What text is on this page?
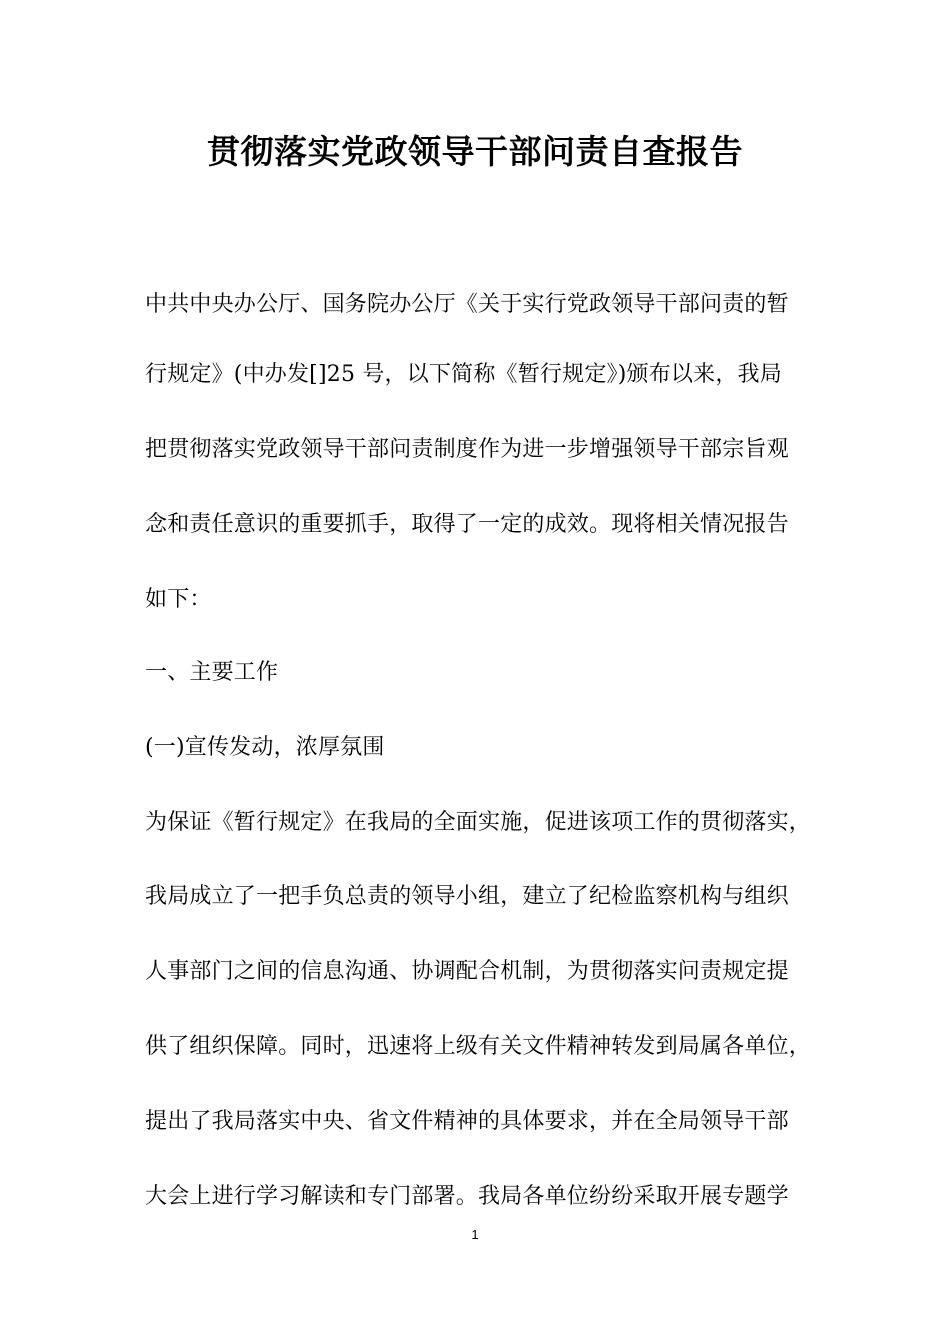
贯彻落实党政领导干部问责自查报告
中共中央办公厅、国务院办公厅《关于实行党政领导干部问责的暂
行规定》(中办发[]25 号，以下简称《暂行规定》)颁布以来，我局
把贯彻落实党政领导干部问责制度作为进一步增强领导干部宗旨观
念和责任意识的重要抓手，取得了一定的成效。现将相关情况报告
如下：
一、主要工作
(一)宣传发动，浓厚氛围
为保证《暂行规定》在我局的全面实施，促进该项工作的贯彻落实，
我局成立了一把手负总责的领导小组，建立了纪检监察机构与组织
人事部门之间的信息沟通、协调配合机制，为贯彻落实问责规定提
供了组织保障。同时，迅速将上级有关文件精神转发到局属各单位，
提出了我局落实中央、省文件精神的具体要求，并在全局领导干部
大会上进行学习解读和专门部署。我局各单位纷纷采取开展专题学
1
